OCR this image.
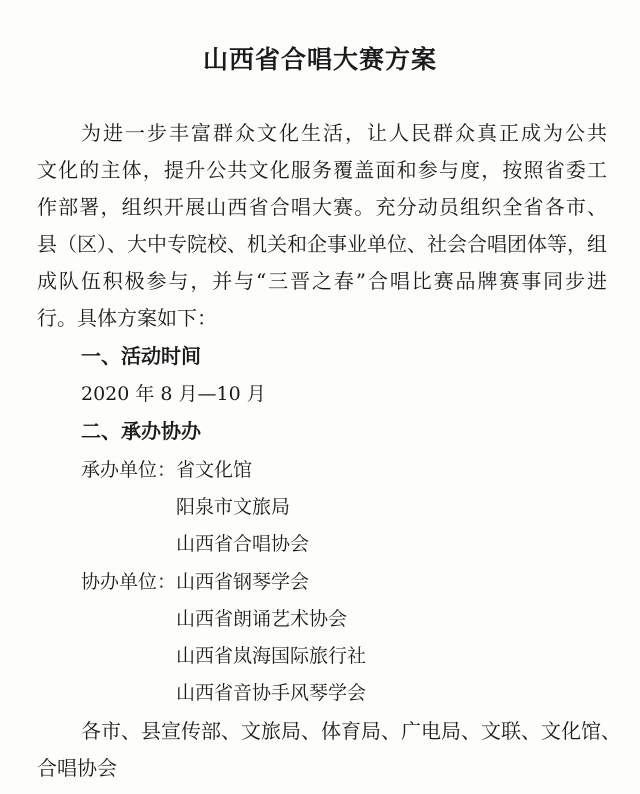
山西省合唱大赛方案
为进一步丰富群众文化生活，让人民群众真正成为公共
文化的主体，提升公共文化服务覆盖面和参与度，按照省委工
作部署，组织开展山西省合唱大赛。充分动员组织全省各市、
县（区）、大中专院校、机关和企事业单位、社会合唱团体等，组
成队伍积极参与，并与“三晋之春”合唱比赛品牌赛事同步进
行。具体方案如下：
一、活动时间
2020 年 8 月—10 月
二、承办协办
承办单位： 省文化馆
阳泉市文旅局
山西省合唱协会
协办单位： 山西省钢琴学会
山西省朗诵艺术协会
山西省岚海国际旅行社
山西省音协手风琴学会
各市、县宣传部、文旅局、体育局、广电局、文联、文化馆、
合唱协会
